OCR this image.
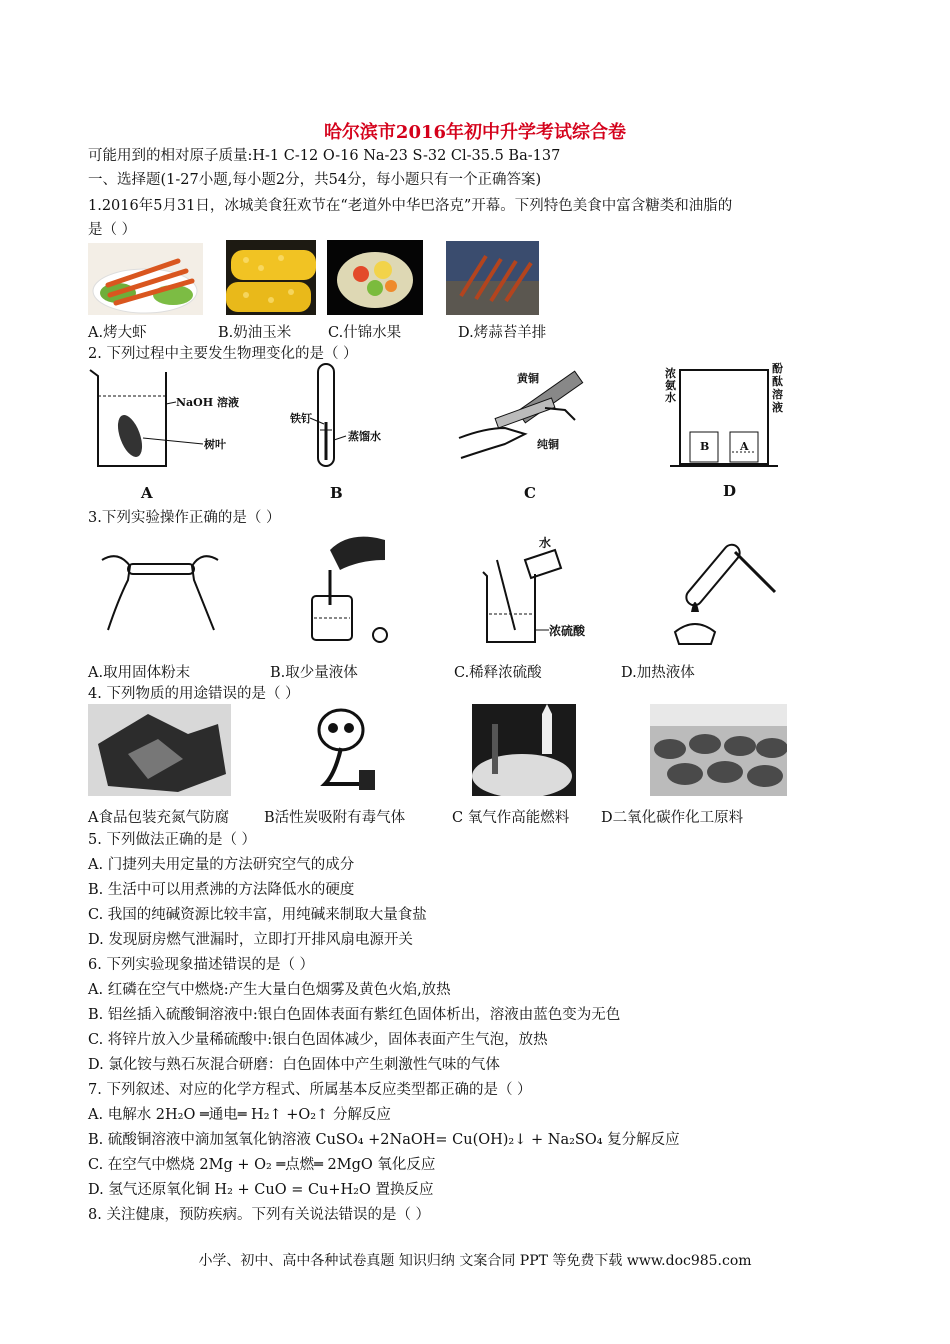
哈尔滨市2016年初中升学考试综合卷
可能用到的相对原子质量:H-1 C-12 O-16 Na-23 S-32 Cl-35.5 Ba-137
一、选择题(1-27小题,每小题2分，共54分，每小题只有一个正确答案)
1.2016年5月31日，冰城美食狂欢节在“老道外中华巴洛克”开幕。下列特色美食中富含糖类和油脂的
是（ ）
A.烤大虾	B.奶油玉米	C.什锦水果	D.烤蒜苔羊排
2. 下列过程中主要发生物理变化的是（ ）
NaOH 溶液
树叶
铁钉
蒸馏水
黄铜
纯铜
浓氨水
酚酞溶液
B	A
A	B	C	D
3.下列实验操作正确的是（ ）
水
浓硫酸
A.取用固体粉末	B.取少量液体	C.稀释浓硫酸	D.加热液体
4. 下列物质的用途错误的是（ ）
A食品包装充氮气防腐 B活性炭吸附有毒气体	C 氧气作高能燃料 D二氧化碳作化工原料
5. 下列做法正确的是（ ）
A. 门捷列夫用定量的方法研究空气的成分
B. 生活中可以用煮沸的方法降低水的硬度
C. 我国的纯碱资源比较丰富，用纯碱来制取大量食盐
D. 发现厨房燃气泄漏时，立即打开排风扇电源开关
6. 下列实验现象描述错误的是（ ）
A. 红磷在空气中燃烧:产生大量白色烟雾及黄色火焰,放热
B. 铝丝插入硫酸铜溶液中:银白色固体表面有紫红色固体析出，溶液由蓝色变为无色
C. 将锌片放入少量稀硫酸中:银白色固体减少，固体表面产生气泡，放热
D. 氯化铵与熟石灰混合研磨：白色固体中产生刺激性气味的气体
7. 下列叙述、对应的化学方程式、所属基本反应类型都正确的是（ ）
A. 电解水 2H₂O ═通电═ H₂↑ +O₂↑ 分解反应
B. 硫酸铜溶液中滴加氢氧化钠溶液 CuSO₄ +2NaOH= Cu(OH)₂↓ + Na₂SO₄ 复分解反应
C. 在空气中燃烧 2Mg + O₂ ═点燃═ 2MgO 氧化反应
D. 氢气还原氧化铜 H₂ + CuO = Cu+H₂O 置换反应
8. 关注健康，预防疾病。下列有关说法错误的是（ ）
小学、初中、高中各种试卷真题 知识归纳 文案合同 PPT 等免费下载 www.doc985.com
